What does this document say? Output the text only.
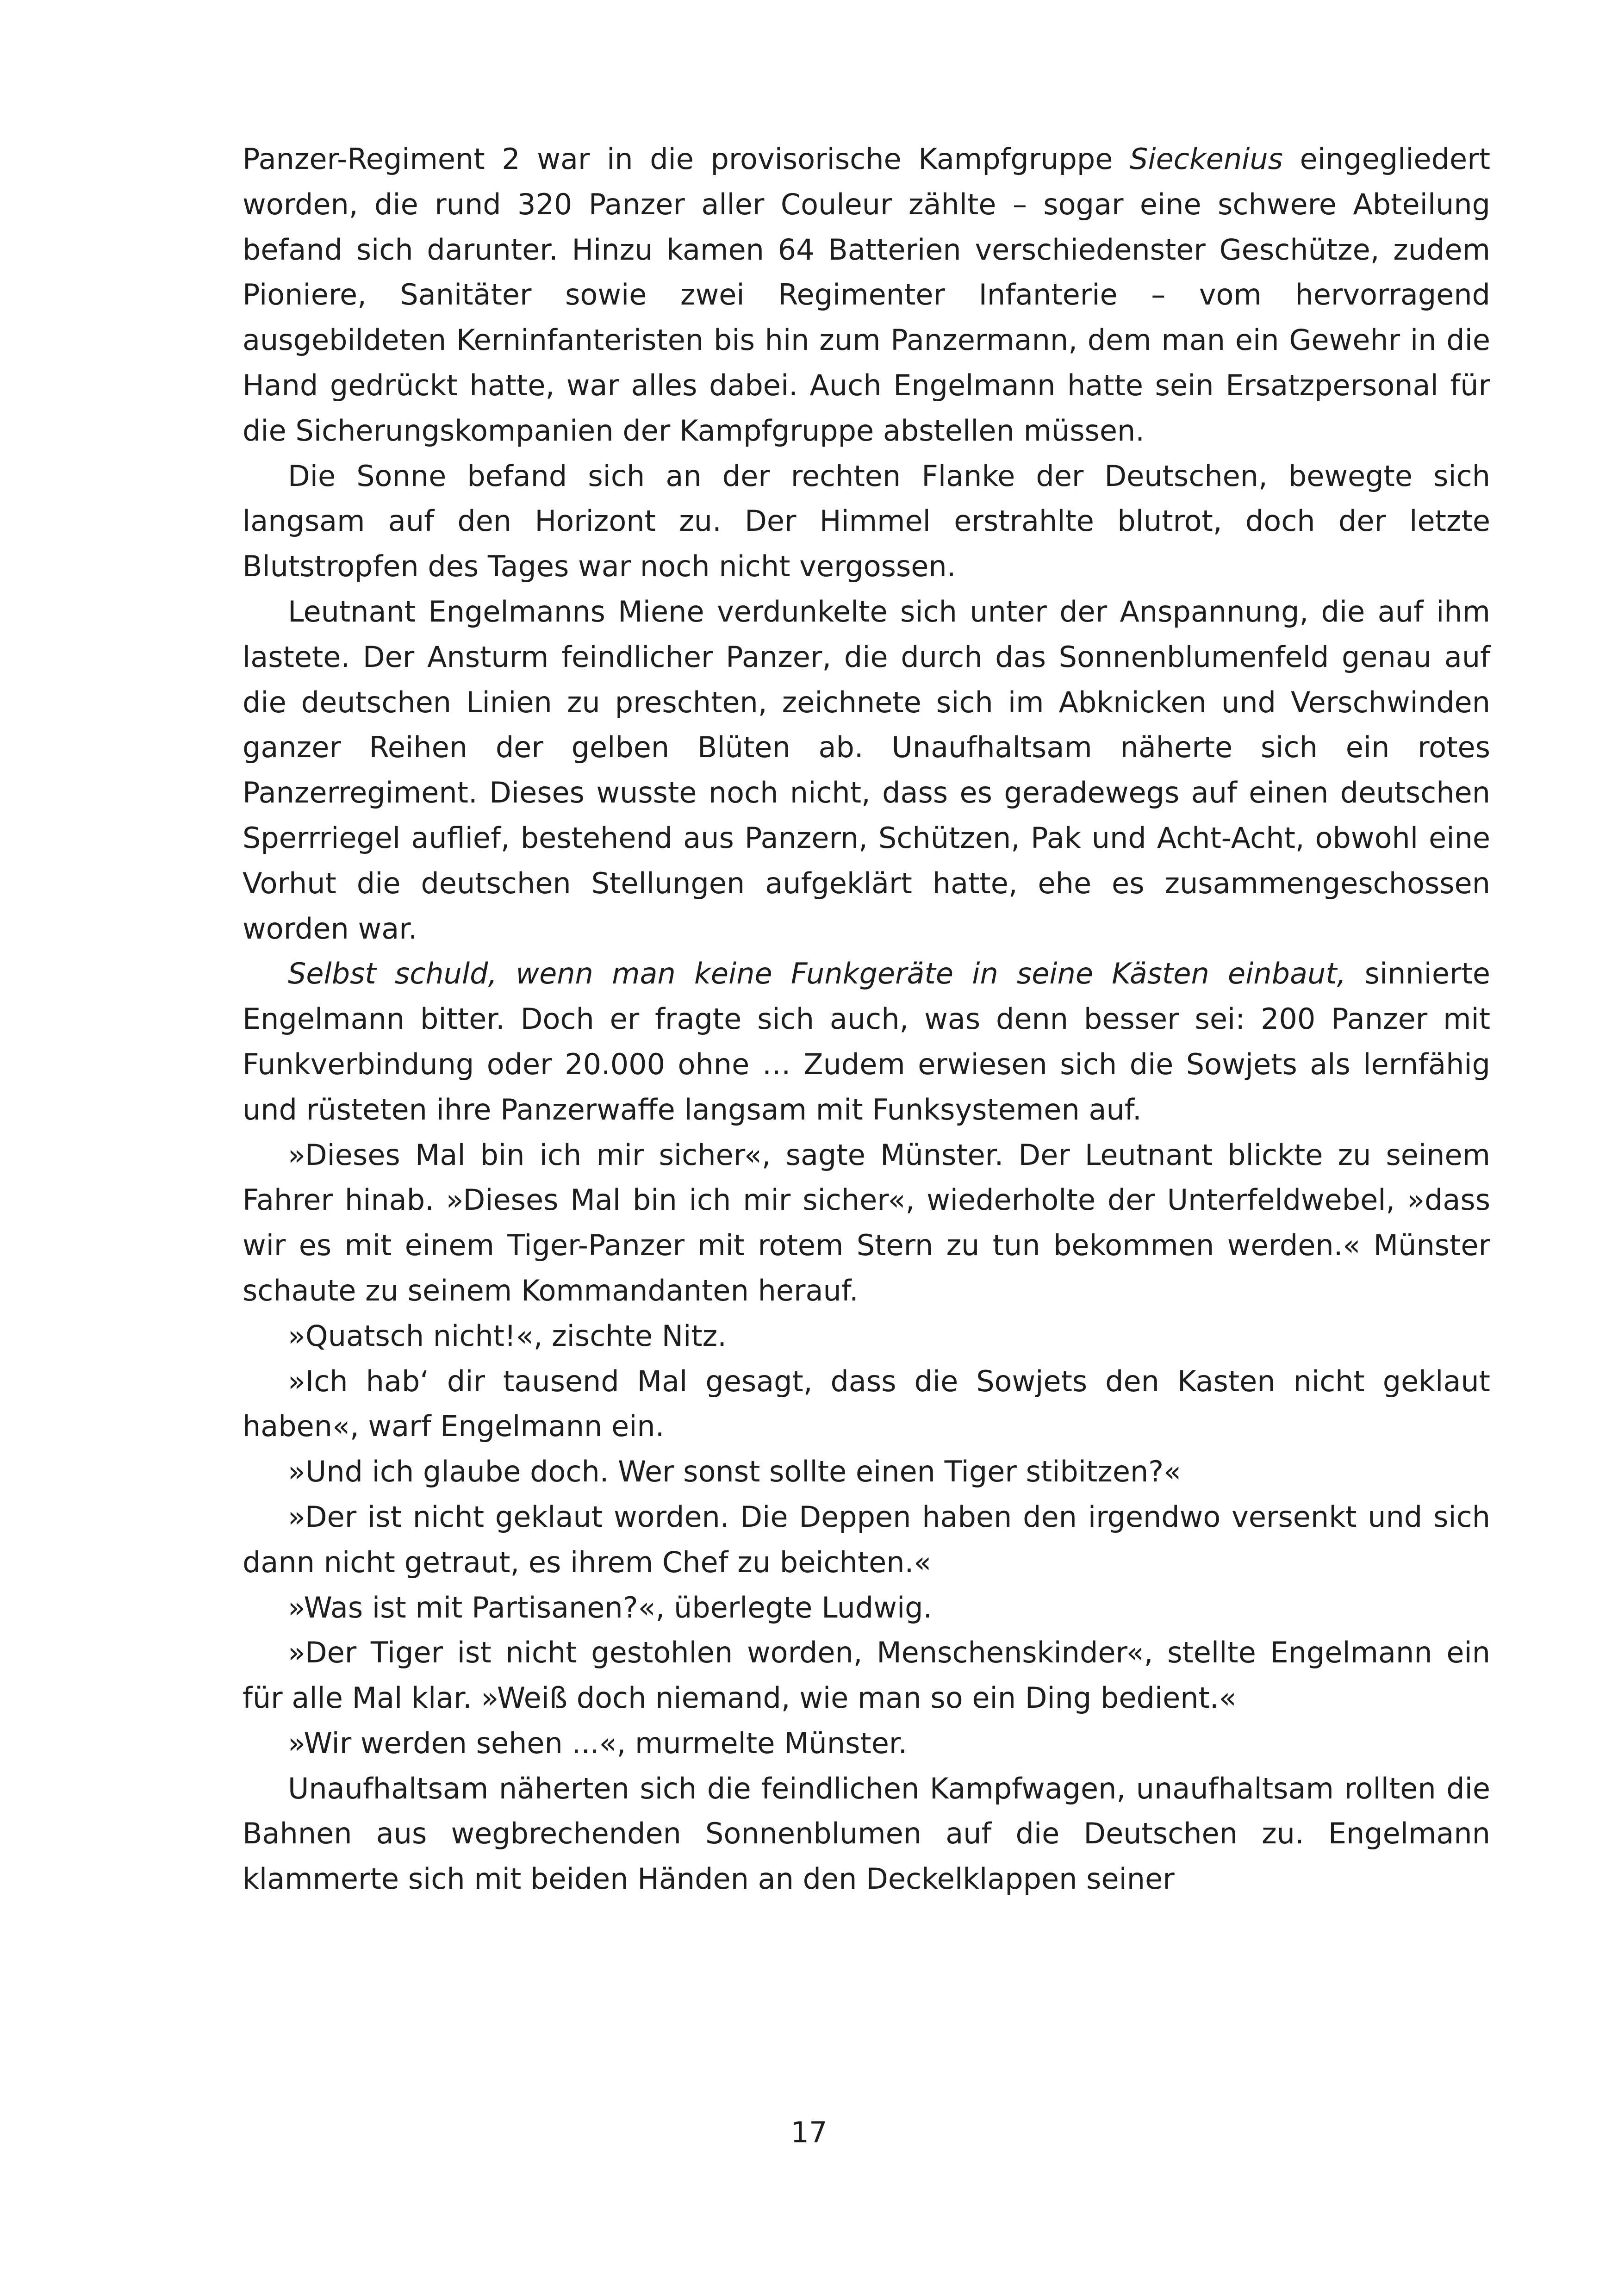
Panzer-Regiment 2 war in die provisorische Kampfgruppe Sieckenius eingegliedert worden, die rund 320 Panzer aller Couleur zählte – sogar eine schwere Abteilung befand sich darunter. Hinzu kamen 64 Batterien verschiedenster Geschütze, zudem Pioniere, Sanitäter sowie zwei Regimenter Infanterie – vom hervorragend ausgebildeten Kerninfanteristen bis hin zum Panzermann, dem man ein Gewehr in die Hand gedrückt hatte, war alles dabei. Auch Engelmann hatte sein Ersatzpersonal für die Sicherungskompanien der Kampfgruppe abstellen müssen.

Die Sonne befand sich an der rechten Flanke der Deutschen, bewegte sich langsam auf den Horizont zu. Der Himmel erstrahlte blutrot, doch der letzte Blutstropfen des Tages war noch nicht vergossen.

Leutnant Engelmanns Miene verdunkelte sich unter der Anspannung, die auf ihm lastete. Der Ansturm feindlicher Panzer, die durch das Sonnenblumenfeld genau auf die deutschen Linien zu preschten, zeichnete sich im Abknicken und Verschwinden ganzer Reihen der gelben Blüten ab. Unaufhaltsam näherte sich ein rotes Panzerregiment. Dieses wusste noch nicht, dass es geradewegs auf einen deutschen Sperrriegel auflief, bestehend aus Panzern, Schützen, Pak und Acht-Acht, obwohl eine Vorhut die deutschen Stellungen aufgeklärt hatte, ehe es zusammengeschossen worden war.

Selbst schuld, wenn man keine Funkgeräte in seine Kästen einbaut, sinnierte Engelmann bitter. Doch er fragte sich auch, was denn besser sei: 200 Panzer mit Funkverbindung oder 20.000 ohne … Zudem erwiesen sich die Sowjets als lernfähig und rüsteten ihre Panzerwaffe langsam mit Funksystemen auf.

»Dieses Mal bin ich mir sicher«, sagte Münster. Der Leutnant blickte zu seinem Fahrer hinab. »Dieses Mal bin ich mir sicher«, wiederholte der Unterfeldwebel, »dass wir es mit einem Tiger-Panzer mit rotem Stern zu tun bekommen werden.« Münster schaute zu seinem Kommandanten herauf.

»Quatsch nicht!«, zischte Nitz.

»Ich hab‘ dir tausend Mal gesagt, dass die Sowjets den Kasten nicht geklaut haben«, warf Engelmann ein.

»Und ich glaube doch. Wer sonst sollte einen Tiger stibitzen?«

»Der ist nicht geklaut worden. Die Deppen haben den irgendwo versenkt und sich dann nicht getraut, es ihrem Chef zu beichten.«

»Was ist mit Partisanen?«, überlegte Ludwig.

»Der Tiger ist nicht gestohlen worden, Menschenskinder«, stellte Engelmann ein für alle Mal klar. »Weiß doch niemand, wie man so ein Ding bedient.«

»Wir werden sehen ...«, murmelte Münster.

Unaufhaltsam näherten sich die feindlichen Kampfwagen, unaufhaltsam rollten die Bahnen aus wegbrechenden Sonnenblumen auf die Deutschen zu. Engelmann klammerte sich mit beiden Händen an den Deckelklappen seiner

17
